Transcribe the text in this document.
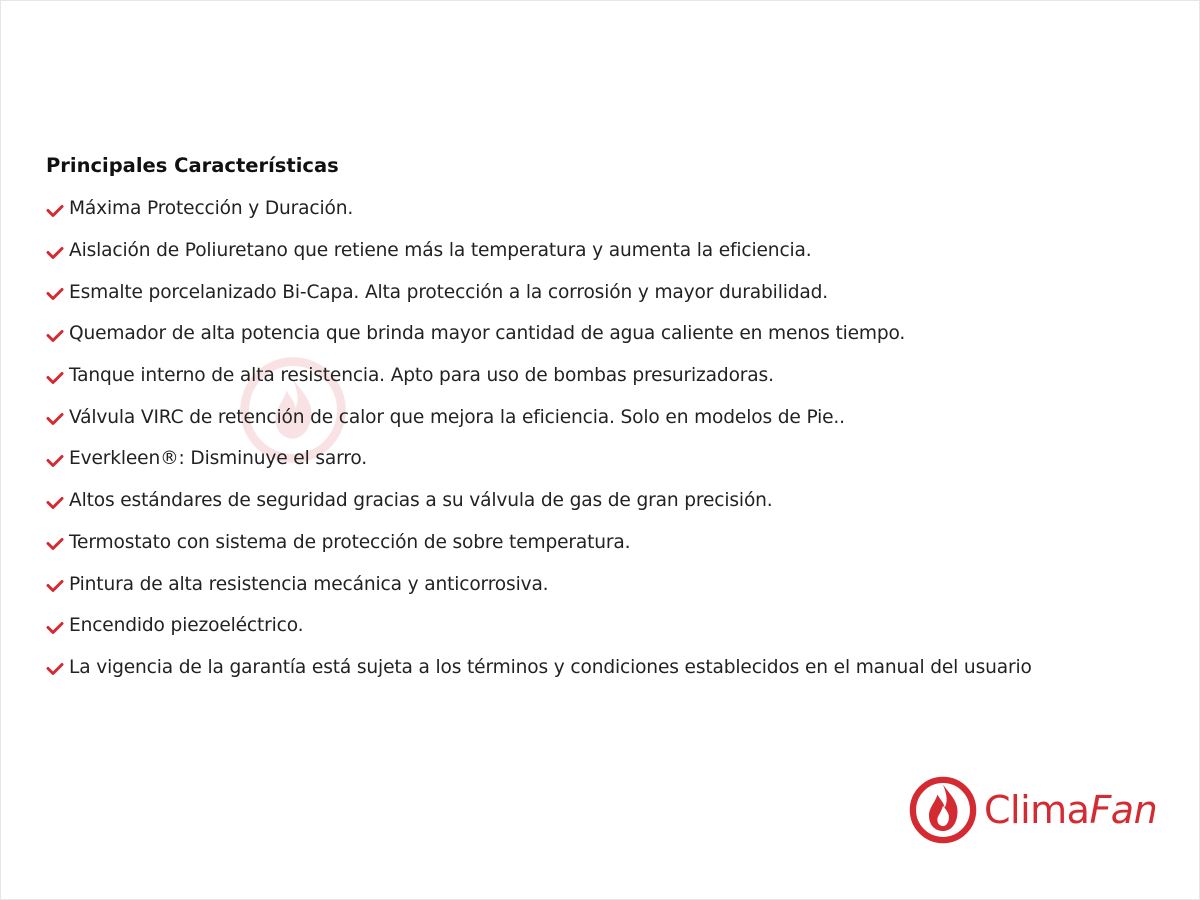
Principales Características
Máxima Protección y Duración.
Aislación de Poliuretano que retiene más la temperatura y aumenta la eficiencia.
Esmalte porcelanizado Bi-Capa. Alta protección a la corrosión y mayor durabilidad.
Quemador de alta potencia que brinda mayor cantidad de agua caliente en menos tiempo.
Tanque interno de alta resistencia. Apto para uso de bombas presurizadoras.
Válvula VIRC de retención de calor que mejora la eficiencia. Solo en modelos de Pie..
Everkleen®: Disminuye el sarro.
Altos estándares de seguridad gracias a su válvula de gas de gran precisión.
Termostato con sistema de protección de sobre temperatura.
Pintura de alta resistencia mecánica y anticorrosiva.
Encendido piezoeléctrico.
La vigencia de la garantía está sujeta a los términos y condiciones establecidos en el manual del usuario
ClimaFan
